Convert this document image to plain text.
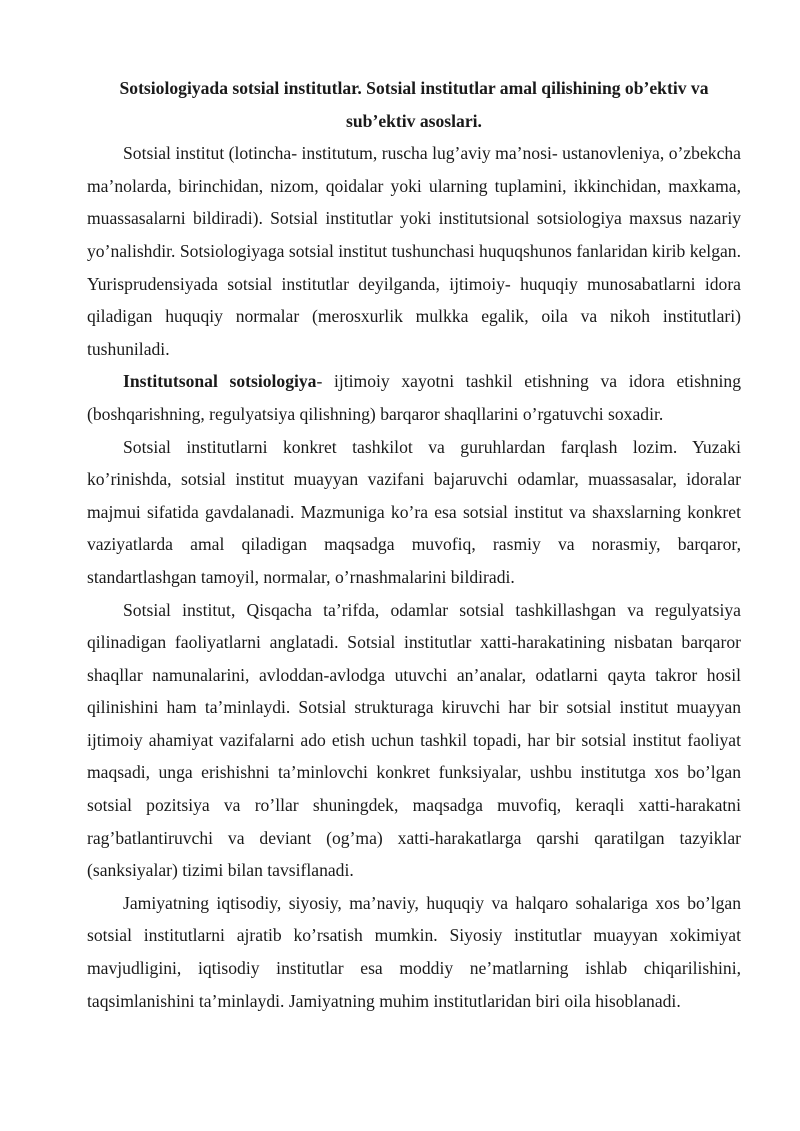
Sotsiologiyada sotsial institutlar. Sotsial institutlar amal qilishining ob’ektiv va
sub’ektiv asoslari.

Sotsial institut (lotincha- institutum, ruscha lug’aviy ma’nosi- ustanovleniya, o’zbekcha ma’nolarda, birinchidan, nizom, qoidalar yoki ularning tuplamini, ikkinchidan, maxkama, muassasalarni bildiradi). Sotsial institutlar yoki institutsional sotsiologiya maxsus nazariy yo’nalishdir. Sotsiologiyaga sotsial institut tushunchasi huquqshunos fanlaridan kirib kelgan. Yurisprudensiyada sotsial institutlar deyilganda, ijtimoiy- huquqiy munosabatlarni idora qiladigan huquqiy normalar (merosxurlik mulkka egalik, oila va nikoh institutlari) tushuniladi.

Institutsonal sotsiologiya- ijtimoiy xayotni tashkil etishning va idora etishning (boshqarishning, regulyatsiya qilishning) barqaror shaqllarini o’rgatuvchi soxadir.

Sotsial institutlarni konkret tashkilot va guruhlardan farqlash lozim. Yuzaki ko’rinishda, sotsial institut muayyan vazifani bajaruvchi odamlar, muassasalar, idoralar majmui sifatida gavdalanadi. Mazmuniga ko’ra esa sotsial institut va shaxslarning konkret vaziyatlarda amal qiladigan maqsadga muvofiq, rasmiy va norasmiy, barqaror, standartlashgan tamoyil, normalar, o’rnashmalarini bildiradi.

Sotsial institut, Qisqacha ta’rifda, odamlar sotsial tashkillashgan va regulyatsiya qilinadigan faoliyatlarni anglatadi. Sotsial institutlar xatti-harakatining nisbatan barqaror shaqllar namunalarini, avloddan-avlodga utuvchi an’analar, odatlarni qayta takror hosil qilinishini ham ta’minlaydi. Sotsial strukturaga kiruvchi har bir sotsial institut muayyan ijtimoiy ahamiyat vazifalarni ado etish uchun tashkil topadi, har bir sotsial institut faoliyat maqsadi, unga erishishni ta’minlovchi konkret funksiyalar, ushbu institutga xos bo’lgan sotsial pozitsiya va ro’llar shuningdek, maqsadga muvofiq, keraqli xatti-harakatni rag’batlantiruvchi va deviant (og’ma) xatti-harakatlarga qarshi qaratilgan tazyiklar (sanksiyalar) tizimi bilan tavsiflanadi.

Jamiyatning iqtisodiy, siyosiy, ma’naviy, huquqiy va halqaro sohalariga xos bo’lgan sotsial institutlarni ajratib ko’rsatish mumkin. Siyosiy institutlar muayyan xokimiyat mavjudligini, iqtisodiy institutlar esa moddiy ne’matlarning ishlab chiqarilishini, taqsimlanishini ta’minlaydi. Jamiyatning muhim institutlaridan biri oila hisoblanadi.
